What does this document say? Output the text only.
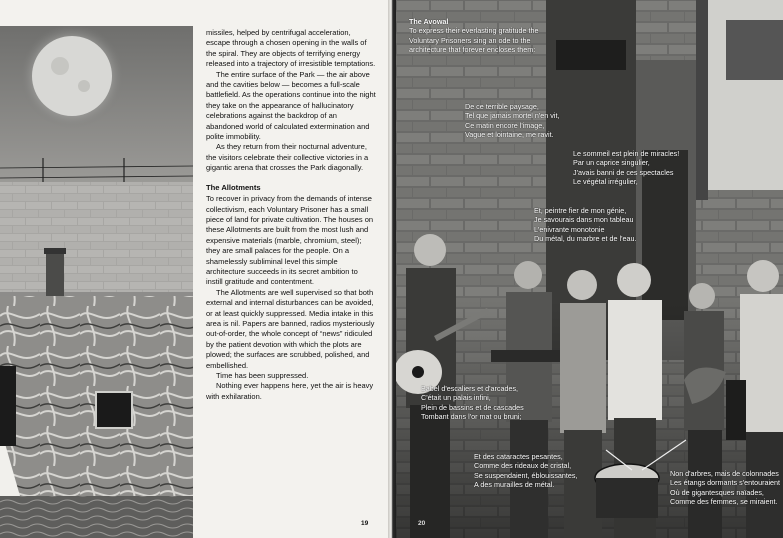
missiles, helped by centrifugal acceleration, escape through a chosen opening in the walls of the spiral. They are objects of terrifying energy released into a trajectory of irresistible temptations.

The entire surface of the Park — the air above and the cavities below — becomes a full-scale battlefield. As the operations continue into the night they take on the appearance of hallucinatory celebrations against the backdrop of an abandoned world of calculated extermination and polite immobility.

As they return from their nocturnal adventure, the visitors celebrate their collective victories in a gigantic arena that crosses the Park diagonally.

The Allotments

To recover in privacy from the demands of intense collectivism, each Voluntary Prisoner has a small piece of land for private cultivation. The houses on these Allotments are built from the most lush and expensive materials (marble, chromium, steel); they are small palaces for the people. On a shamelessly subliminal level this simple architecture succeeds in its secret ambition to instill gratitude and contentment.

The Allotments are well supervised so that both external and internal disturbances can be avoided, or at least quickly suppressed. Media intake in this area is nil. Papers are banned, radios mysteriously out-of-order, the whole concept of “news” ridiculed by the patient devotion with which the plots are plowed; the surfaces are scrubbed, polished, and embellished.

Time has been suppressed.

Nothing ever happens here, yet the air is heavy with exhilaration.

19
The Avowal
To express their everlasting gratitude the
Voluntary Prisoners sing an ode to the
architecture that forever encloses them:
De ce terrible paysage,
Tel que jamais mortel n'en vit,
Ce matin encore l'image,
Vague et lointaine, me ravit.
Le sommeil est plein de miracles!
Par un caprice singulier,
J'avais banni de ces spectacles
Le végétal irrégulier,
Et, peintre fier de mon génie,
Je savourais dans mon tableau
L'enivrante monotonie
Du métal, du marbre et de l'eau.
Babel d'escaliers et d'arcades,
C'était un palais infini,
Plein de bassins et de cascades
Tombant dans l'or mat ou bruni;
Et des cataractes pesantes,
Comme des rideaux de cristal,
Se suspendaient, éblouissantes,
A des murailles de métal.
Non d'arbres, mais de colonnades
Les étangs dormants s'entouraient
Où de gigantesques naïades,
Comme des femmes, se miraient.
20
